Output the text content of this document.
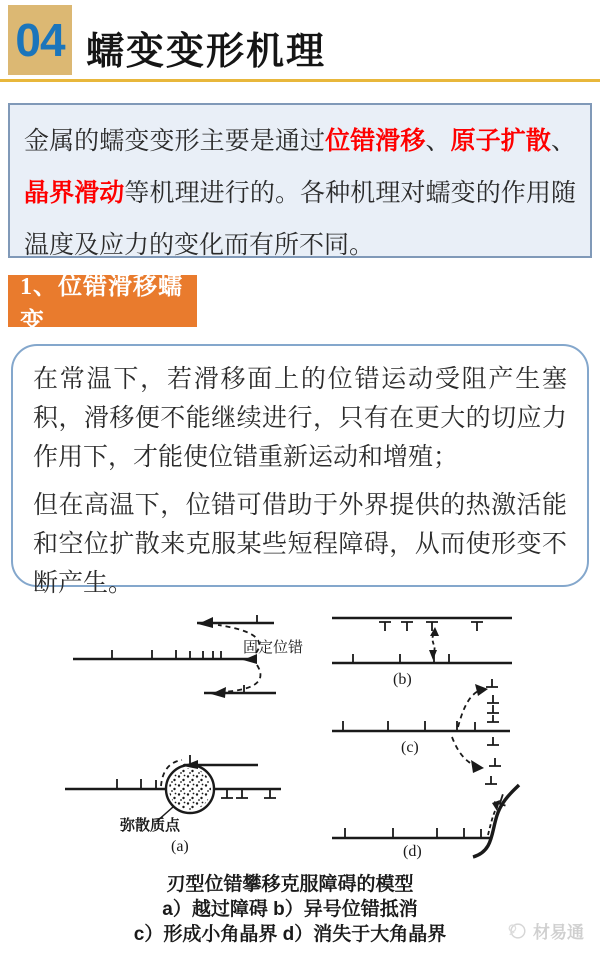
04 蠕变变形机理
金属的蠕变变形主要是通过位错滑移、原子扩散、晶界滑动等机理进行的。各种机理对蠕变的作用随温度及应力的变化而有所不同。
1、位错滑移蠕变

在常温下，若滑移面上的位错运动受阻产生塞积，滑移便不能继续进行，只有在更大的切应力作用下，才能使位错重新运动和增殖；

但在高温下，位错可借助于外界提供的热激活能和空位扩散来克服某些短程障碍，从而使形变不断产生。

固定位错
弥散质点
(a)
(b)
(c)
(d)
刃型位错攀移克服障碍的模型
a）越过障碍 b）异号位错抵消
c）形成小角晶界 d）消失于大角晶界	材易通
